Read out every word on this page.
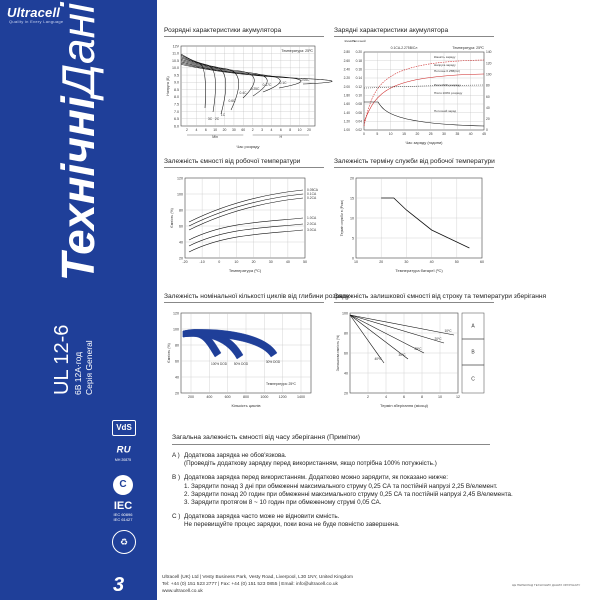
Ultracell
Quality in Every Language
ТехнічніДані
UL 12-6 6В 12А·год Серія General
VdS
ᴿᵁ
MH 20875
C
IEC
IEC 60896
IEC 61427
♻
3
Розрядні характеристики акумулятора	Зарядні характеристики акумулятора
Залежність ємності від робочої температури	Залежність терміну служби від робочої температури
Залежність номінальної кількості циклів від глибини розряду
Залежність залишкової ємності від строку та температури зберігання
12V
11.0
10.5
10.0
9.5
9.0
8.5
8.0
7.5
7.0
6.5
6.0
2 4 6 10 20 30 60 2 3 4 6 8 10 20
Min	H
Час розряду
Напруга (В)
Температура: 25ºС
3C 2C
1C
0.6C
0.4C
0.25C
0.17C 0.1C
0.05C
Ємність
Поточний
2.80
2.60
2.40
2.20
2.00
1.80
1.60
1.40
1.20
1.00
0.20
0.18
0.16
0.14
0.12
0.10
0.08
0.06
0.04
0.02
140
120
100
80
60
40
20
0
0	5	10	15	20	25	30	35	40	45
Час заряду (години)
0.1CA-2.275В/Сл	Температура: 25ºС
Ємність заряду
Напруга заряду
Поточне 0.25В(Сл)
Після 50% розряду
Після 100% розряду
Поточний заряд
120
100
80
60
40
20
-20	-10	0	10	20	30	40	50
Температура (ºС)
Ємність (%)
0.05CA
0.1CA
0.2CA
1.0CA
2.0CA
3.0CA
20
15
10
5
0
10	20	30	40	50	60
Температура батареї (ºС)
Термін служби в (Роки)
120
100
80
60
40
20
200	400	600	800	1000	1200	1400
Кількість циклів
Ємність (%)
Температура: 25ºС
100% DOD 50% DOD	30% DOD
100
80
60
40
20
2	4	6	8	10	12
Термін зберігання (місяці)
Залишкова ємність (%)
10ºС
20ºС
25ºС
30ºС
40ºС
A
B
C
Загальна залежність ємності від часу зберігання (Примітки)
A ) Додаткова зарядка не обов'язкова.
(Проведіть додаткову зарядку перед використанням, якщо потрібна 100% потужність.)
B ) Додаткова зарядка перед використанням. Додатково можно зарядити, як показано нижче:
1. Зарядити понад 3 дні при обмеженні максимального струму 0,25 СА та постійній напрузі 2,25 В/елемент.
2. Зарядити понад 20 годин при обмеженні максимального струму 0,25 СА та постійній напрузі 2,45 В/елемента.
3. Зарядити протягом 8 ~ 10 годин при обмеженому струмі 0,05 СА.
C ) Додаткова зарядка часто може не відновити ємність.
Не перевищуйте процес зарядки, поки вона не буде повністю завершена.
Ultracell (UK) Ltd | Vesty Business Park, Vesty Road, Liverpool, L30 1NY, United Kingdom
Tel: +44 (0) 151 523 2777 | Fax: +44 (0) 151 523 0855 | Email: info@ultracell.co.uk
www.ultracell.co.uk
ЦЕ ПЕРЕКЛАД ТЕХНІЧНИХ ДАНИХ ОРИГІНАЛУ
